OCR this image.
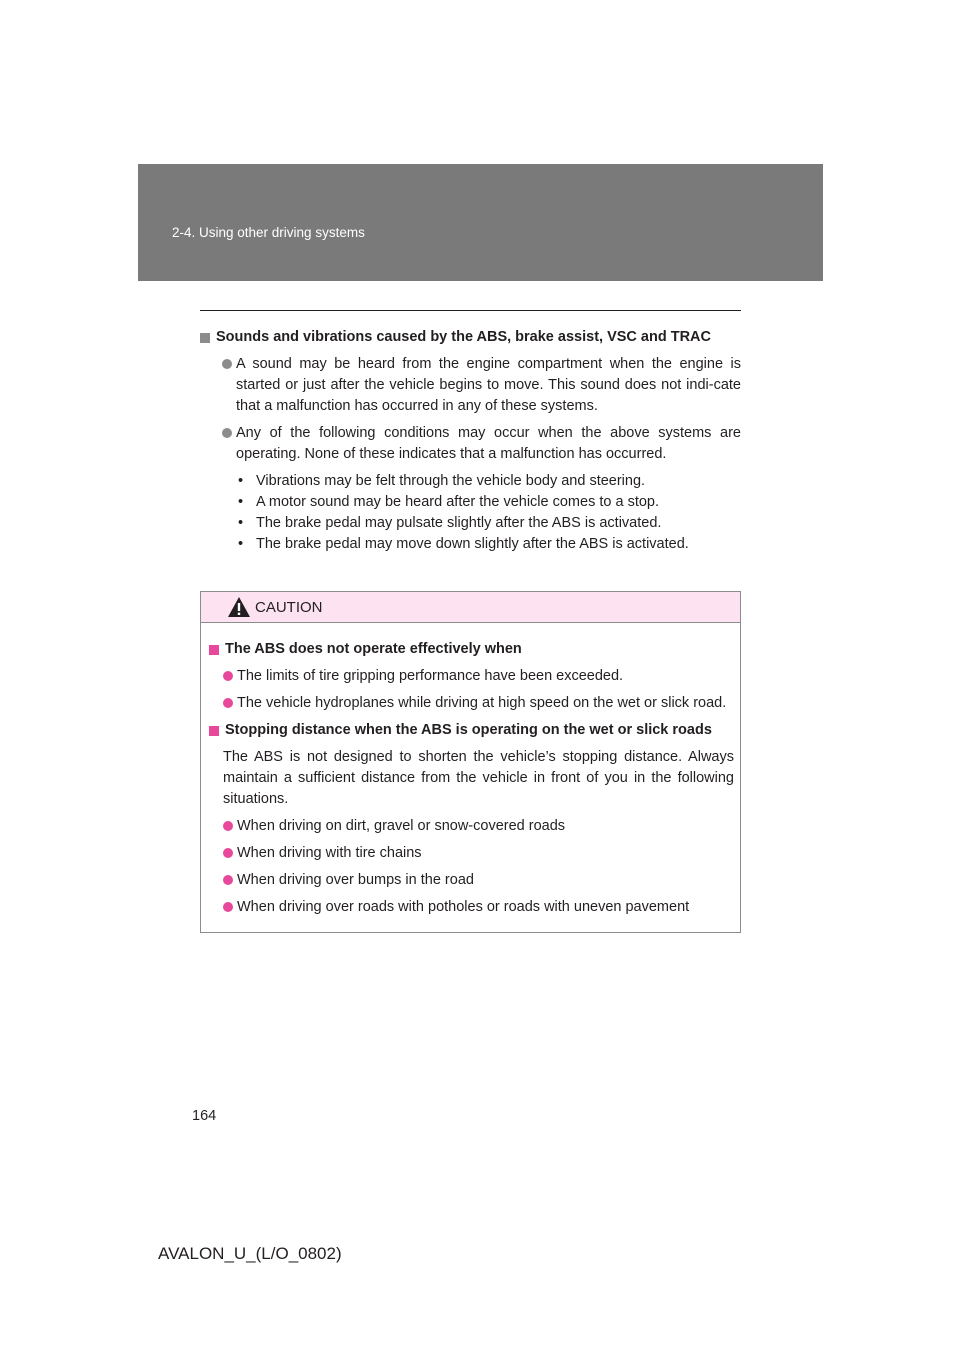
2-4. Using other driving systems
Sounds and vibrations caused by the ABS, brake assist, VSC and TRAC
A sound may be heard from the engine compartment when the engine is started or just after the vehicle begins to move. This sound does not indi-cate that a malfunction has occurred in any of these systems.
Any of the following conditions may occur when the above systems are operating. None of these indicates that a malfunction has occurred.
• Vibrations may be felt through the vehicle body and steering.
• A motor sound may be heard after the vehicle comes to a stop.
• The brake pedal may pulsate slightly after the ABS is activated.
• The brake pedal may move down slightly after the ABS is activated.
CAUTION
The ABS does not operate effectively when
The limits of tire gripping performance have been exceeded.
The vehicle hydroplanes while driving at high speed on the wet or slick road.
Stopping distance when the ABS is operating on the wet or slick roads
The ABS is not designed to shorten the vehicle’s stopping distance. Always maintain a sufficient distance from the vehicle in front of you in the following situations.
When driving on dirt, gravel or snow-covered roads
When driving with tire chains
When driving over bumps in the road
When driving over roads with potholes or roads with uneven pavement
164
AVALON_U_(L/O_0802)
